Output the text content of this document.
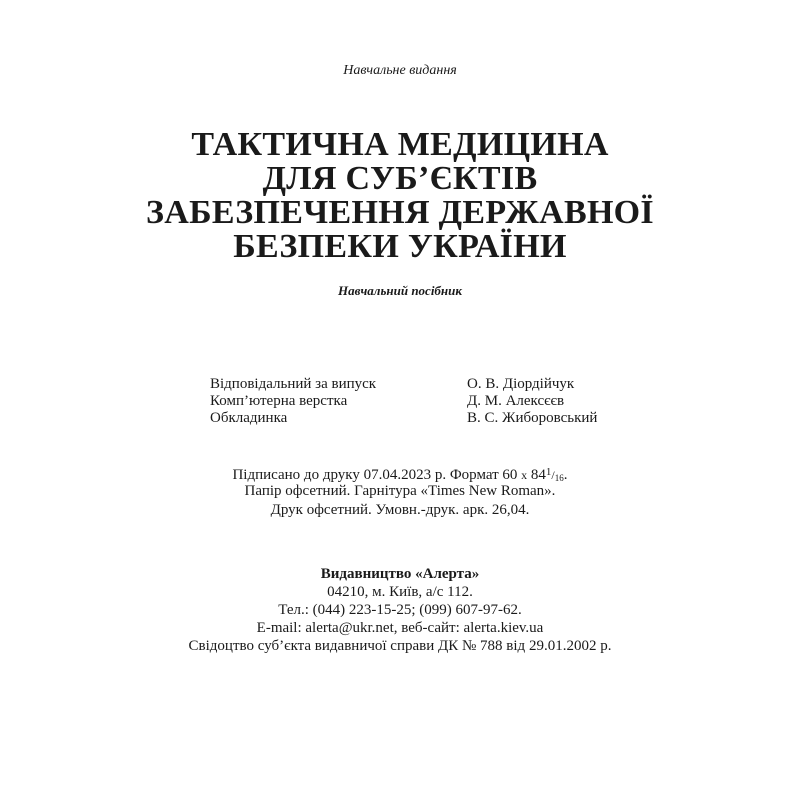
Навчальне видання
ТАКТИЧНА МЕДИЦИНА
ДЛЯ СУБ’ЄКТІВ
ЗАБЕЗПЕЧЕННЯ ДЕРЖАВНОЇ
БЕЗПЕКИ УКРАЇНИ
Навчальний посібник
Відповідальний за випуск	О. В. Діордійчук
Комп’ютерна верстка	Д. М. Алексєєв
Обкладинка	В. С. Жиборовський
Підписано до друку 07.04.2023 р. Формат 60 х $84^1/16$.
Папір офсетний. Гарнітура «Times New Roman».
Друк офсетний. Умовн.-друк. арк. 26,04.
Видавництво «Алерта»
04210, м. Київ, а/с 112.
Тел.: (044) 223-15-25; (099) 607-97-62.
E-mail: alerta@ukr.net, веб-сайт: alerta.kiev.ua
Свідоцтво суб’єкта видавничої справи ДК № 788 від 29.01.2002 р.
